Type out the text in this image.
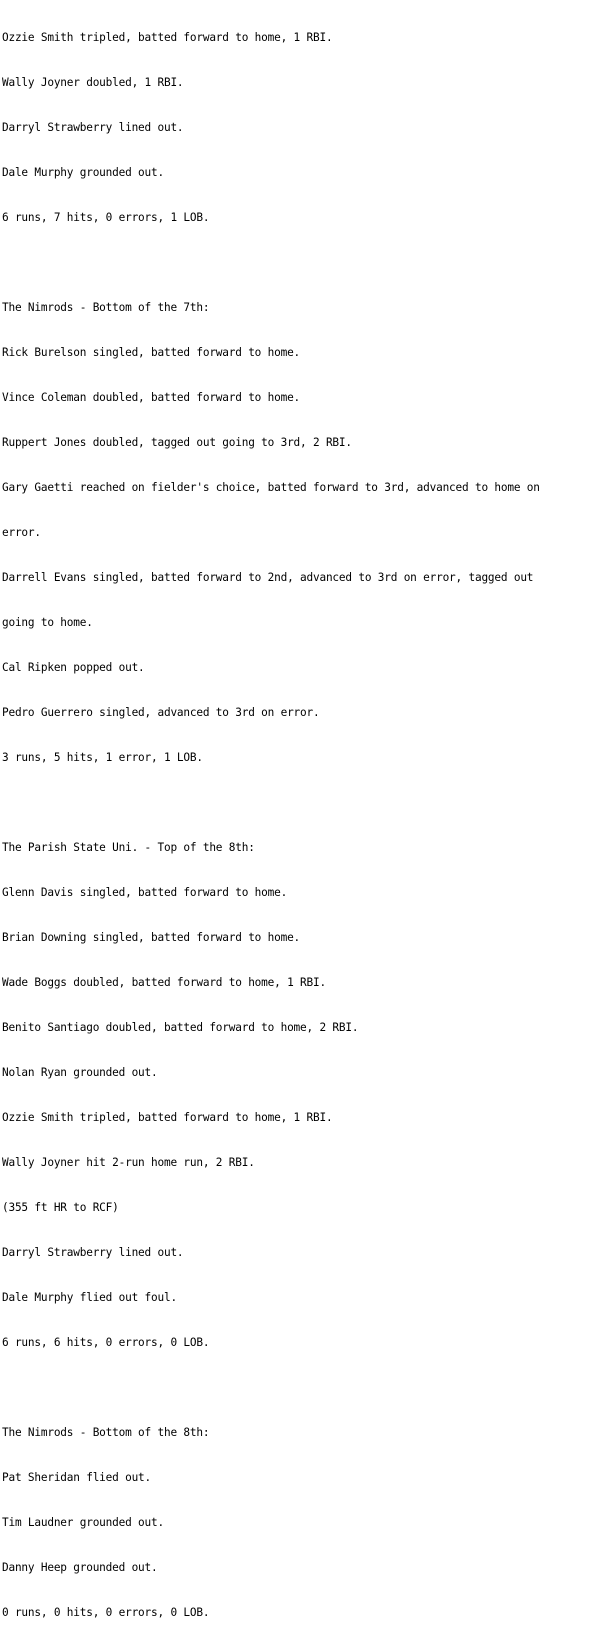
Ozzie Smith tripled, batted forward to home, 1 RBI.

Wally Joyner doubled, 1 RBI.

Darryl Strawberry lined out.

Dale Murphy grounded out.

6 runs, 7 hits, 0 errors, 1 LOB.

The Nimrods - Bottom of the 7th:

Rick Burelson singled, batted forward to home.

Vince Coleman doubled, batted forward to home.

Ruppert Jones doubled, tagged out going to 3rd, 2 RBI.

Gary Gaetti reached on fielder's choice, batted forward to 3rd, advanced to home on

error.

Darrell Evans singled, batted forward to 2nd, advanced to 3rd on error, tagged out

going to home.

Cal Ripken popped out.

Pedro Guerrero singled, advanced to 3rd on error.

3 runs, 5 hits, 1 error, 1 LOB.

The Parish State Uni. - Top of the 8th:

Glenn Davis singled, batted forward to home.

Brian Downing singled, batted forward to home.

Wade Boggs doubled, batted forward to home, 1 RBI.

Benito Santiago doubled, batted forward to home, 2 RBI.

Nolan Ryan grounded out.

Ozzie Smith tripled, batted forward to home, 1 RBI.

Wally Joyner hit 2-run home run, 2 RBI.

(355 ft HR to RCF)

Darryl Strawberry lined out.

Dale Murphy flied out foul.

6 runs, 6 hits, 0 errors, 0 LOB.

The Nimrods - Bottom of the 8th:

Pat Sheridan flied out.

Tim Laudner grounded out.

Danny Heep grounded out.

0 runs, 0 hits, 0 errors, 0 LOB.
